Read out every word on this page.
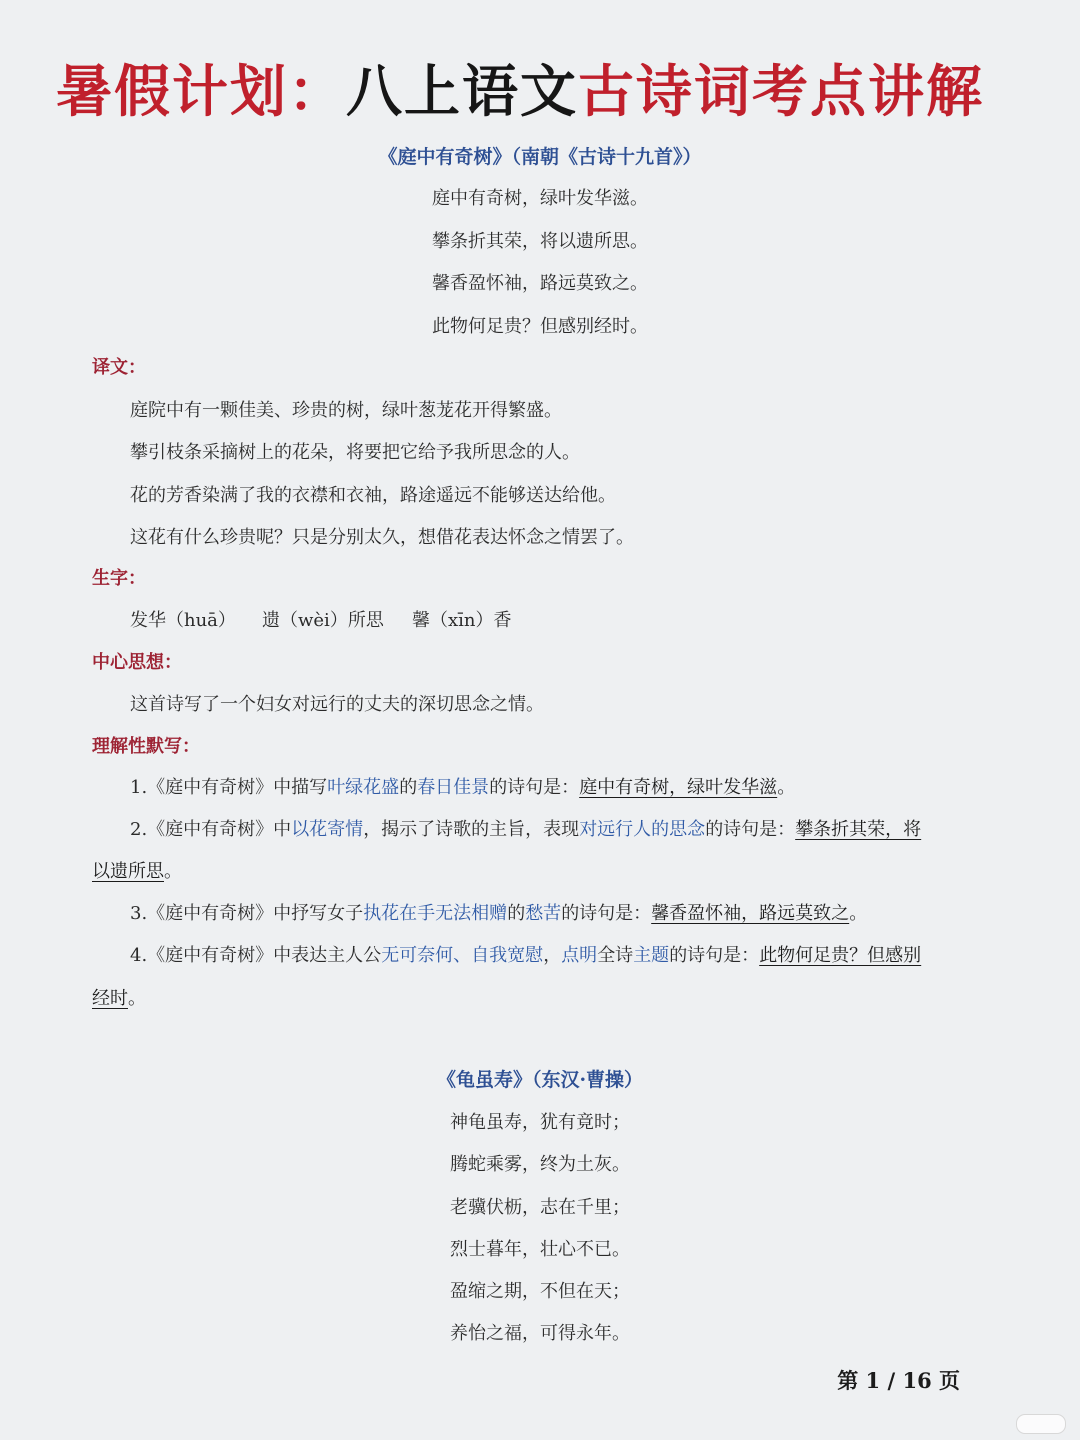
暑假计划：八上语文古诗词考点讲解
《庭中有奇树》（南朝《古诗十九首》）
庭中有奇树，绿叶发华滋。
攀条折其荣，将以遗所思。
馨香盈怀袖，路远莫致之。
此物何足贵？但感别经时。
译文：
庭院中有一颗佳美、珍贵的树，绿叶葱茏花开得繁盛。
攀引枝条采摘树上的花朵，将要把它给予我所思念的人。
花的芳香染满了我的衣襟和衣袖，路途遥远不能够送达给他。
这花有什么珍贵呢？只是分别太久，想借花表达怀念之情罢了。
生字：
发华（huā） 遗（wèi）所思 馨（xīn）香
中心思想：
这首诗写了一个妇女对远行的丈夫的深切思念之情。
理解性默写：
1.《庭中有奇树》中描写叶绿花盛的春日佳景的诗句是：庭中有奇树，绿叶发华滋。
2.《庭中有奇树》中以花寄情，揭示了诗歌的主旨，表现对远行人的思念的诗句是：攀条折其荣，将
以遗所思。
3.《庭中有奇树》中抒写女子执花在手无法相赠的愁苦的诗句是：馨香盈怀袖，路远莫致之。
4.《庭中有奇树》中表达主人公无可奈何、自我宽慰，点明全诗主题的诗句是：此物何足贵？但感别
经时。
《龟虽寿》（东汉·曹操）
神龟虽寿，犹有竟时；
腾蛇乘雾，终为土灰。
老骥伏枥，志在千里；
烈士暮年，壮心不已。
盈缩之期，不但在天；
养怡之福，可得永年。
第 1 / 16 页
